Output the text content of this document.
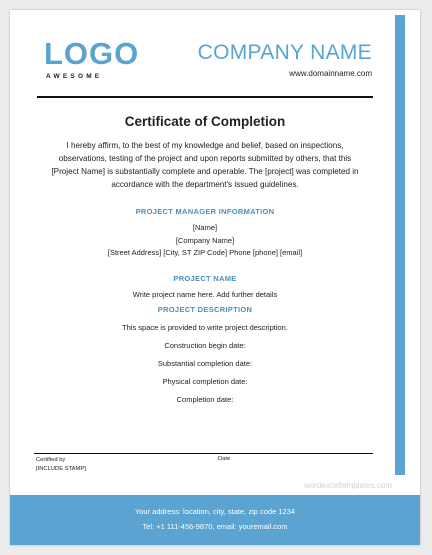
LOGO
AWESOME
COMPANY NAME
www.domainname.com
Certificate of Completion
I hereby affirm, to the best of my knowledge and belief, based on inspections,
observations, testing of the project and upon reports submitted by others, that this
[Project Name] is substantially complete and operable. The [project] was completed in
accordance with the department's issued guidelines.
PROJECT MANAGER INFORMATION
[Name]
[Company Name]
[Street Address] [City, ST ZIP Code] Phone [phone] [email]
PROJECT NAME
Write project name here. Add further details
PROJECT DESCRIPTION
This space is provided to write project description.
Construction begin date:
Substantial completion date:
Physical completion date:
Completion date:
Certified by
[INCLUDE STAMP]
Date
wordexceltemplates.com
Your address: location, city, state, zip code 1234
Tel: +1 111-456-9870, email: youremail.com
